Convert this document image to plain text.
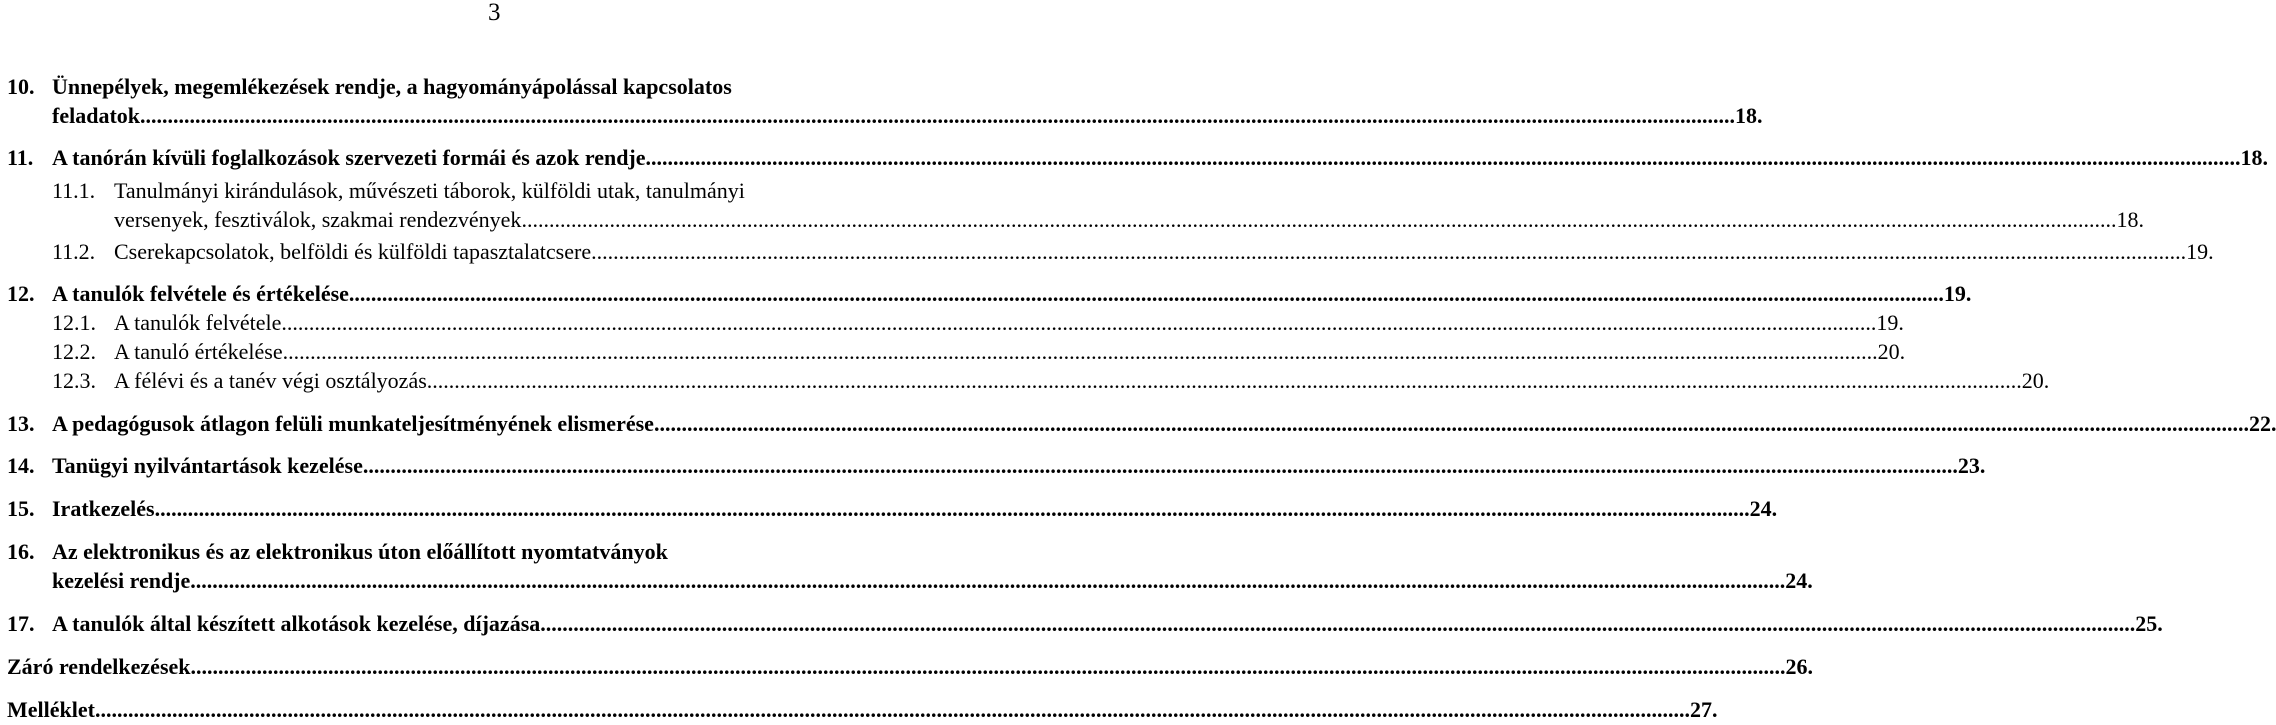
3
10. Ünnepélyek, megemlékezések rendje, a hagyományápolással kapcsolatos
feladatok .................................................................................................................................................................................................................................................................................................. 18.
11. A tanórán kívüli foglalkozások szervezeti formái és azok rendje .................................................................................................................................................................................................................................................................................................. 18.
11.1. Tanulmányi kirándulások, művészeti táborok, külföldi utak, tanulmányi
versenyek, fesztiválok, szakmai rendezvények .................................................................................................................................................................................................................................................................................................. 18.
11.2. Cserekapcsolatok, belföldi és külföldi tapasztalatcsere .................................................................................................................................................................................................................................................................................................. 19.
12. A tanulók felvétele és értékelése .................................................................................................................................................................................................................................................................................................. 19.
12.1. A tanulók felvétele .................................................................................................................................................................................................................................................................................................. 19.
12.2. A tanuló értékelése .................................................................................................................................................................................................................................................................................................. 20.
12.3. A félévi és a tanév végi osztályozás .................................................................................................................................................................................................................................................................................................. 20.
13. A pedagógusok átlagon felüli munkateljesítményének elismerése .................................................................................................................................................................................................................................................................................................. 22.
14. Tanügyi nyilvántartások kezelése .................................................................................................................................................................................................................................................................................................. 23.
15. Iratkezelés .................................................................................................................................................................................................................................................................................................. 24.
16. Az elektronikus és az elektronikus úton előállított nyomtatványok
kezelési rendje .................................................................................................................................................................................................................................................................................................. 24.
17. A tanulók által készített alkotások kezelése, díjazása .................................................................................................................................................................................................................................................................................................. 25.
Záró rendelkezések .................................................................................................................................................................................................................................................................................................. 26.
Melléklet .................................................................................................................................................................................................................................................................................................. 27.
